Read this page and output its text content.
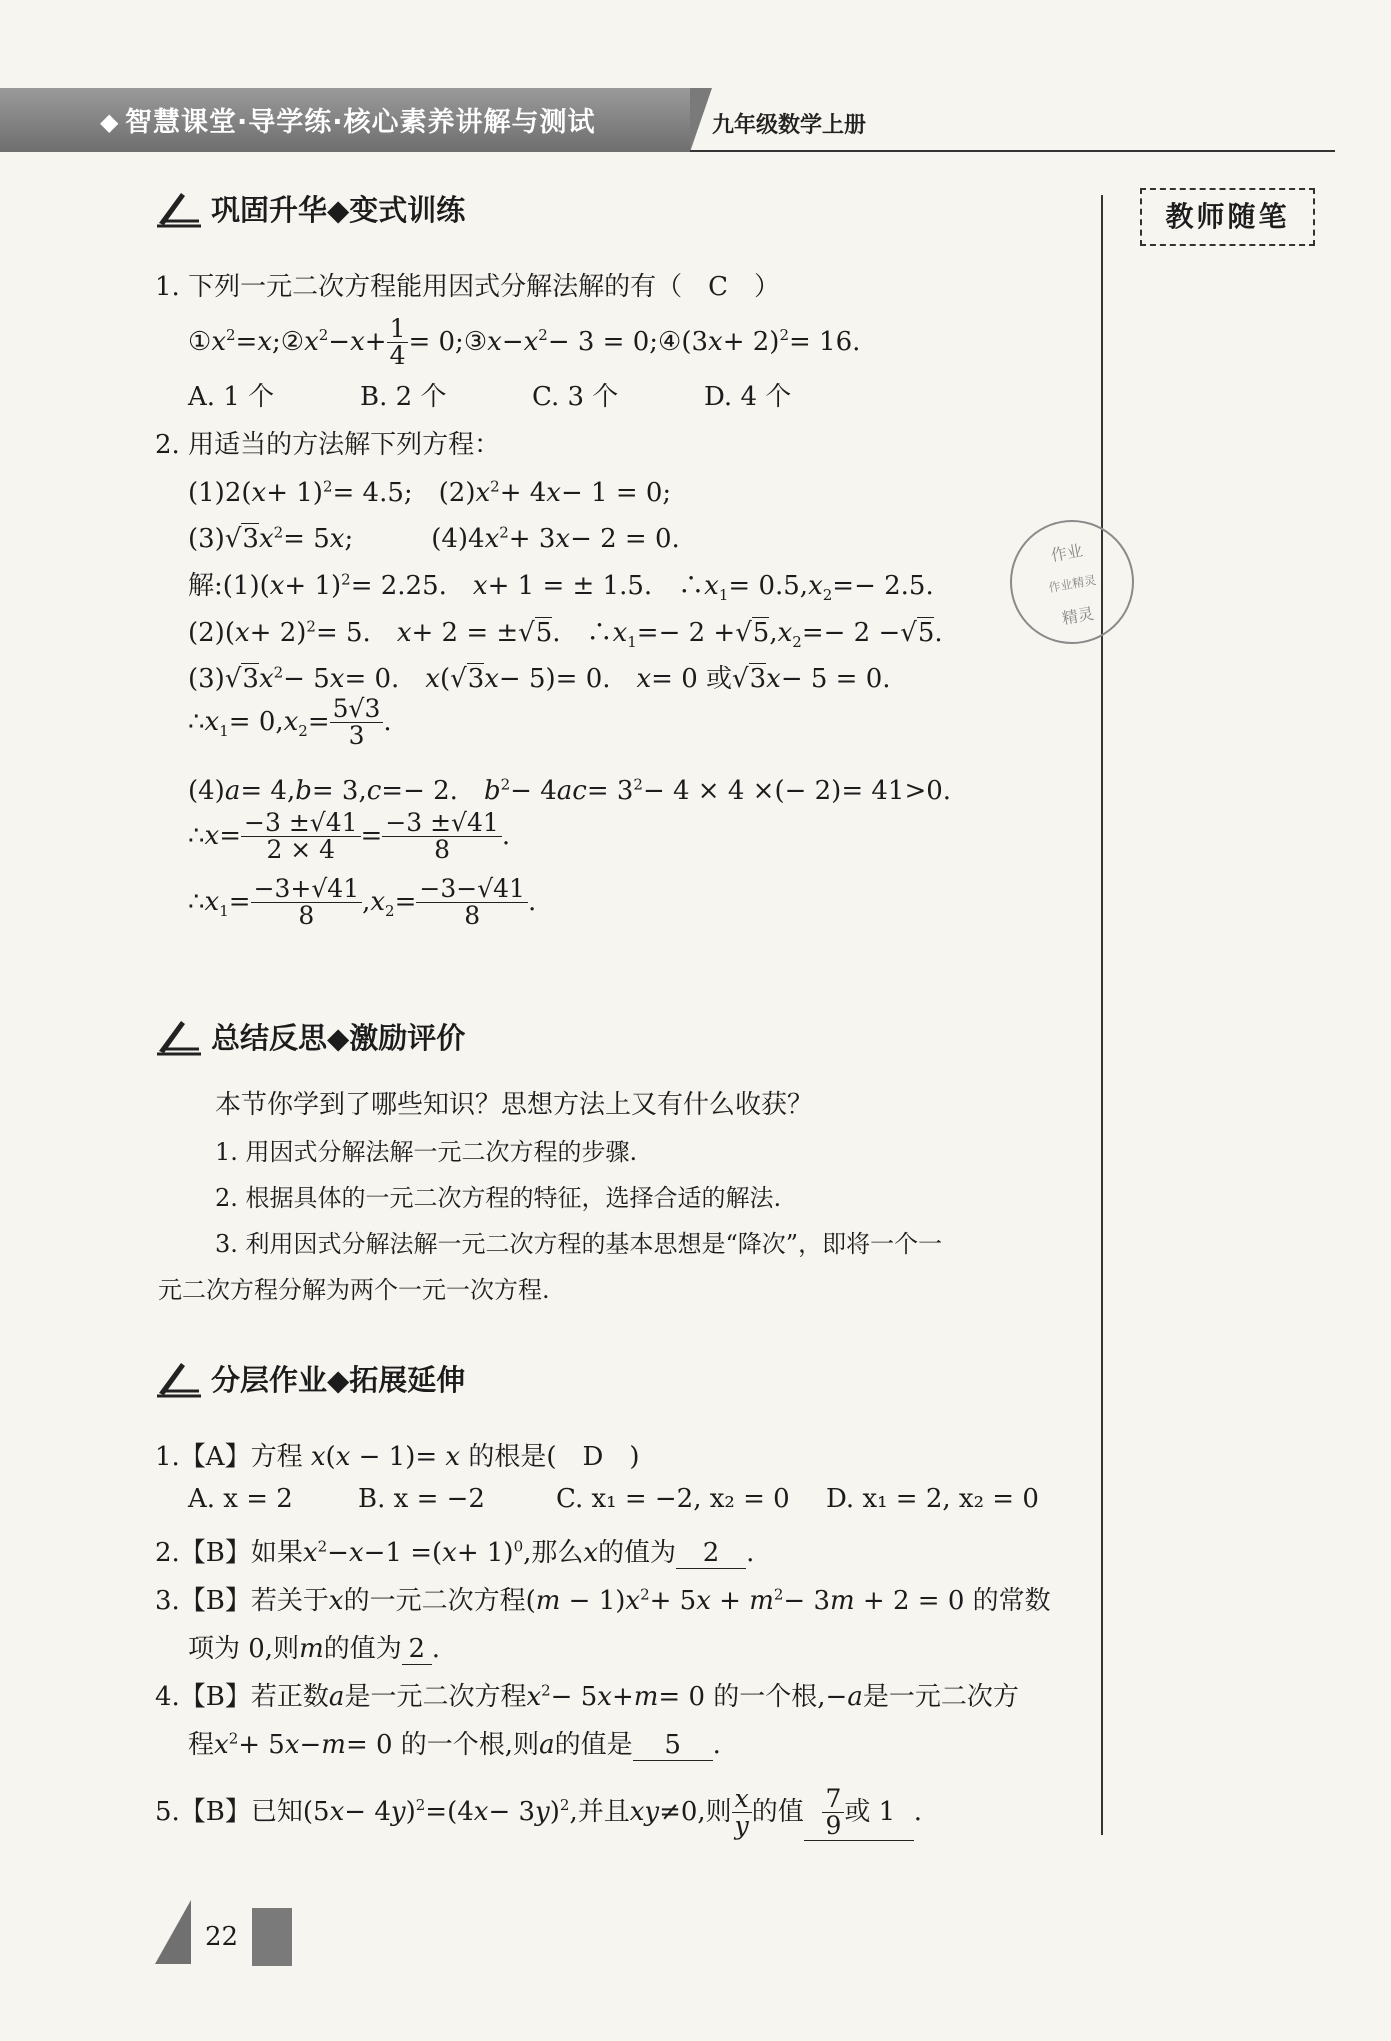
◆ 智慧课堂·导学练·核心素养讲解与测试	九年级数学上册
教师随笔
作业
作业精灵
精灵
巩固升华◆变式训练
1. 下列一元二次方程能用因式分解法解的有（　C　）
$①x^2=x;②x^2-x+ \frac{1}{4}$ = $0;③x-x^2- 3$ = 0;④(3x+ 2)$^2$= 16.
A. 1 个	B. 2 个	C. 3 个	D. 4 个
2. 用适当的方法解下列方程：
$(1)2(x+ 1)^2= 4.5$;　$(2)x^2+ 4x- 1 = 0$;
$(3)√3x^2= 5x$;　　　$(4)4x^2+ 3x- 2 = 0$.
解:(1)(x+ 1)$^2$= 2.25.　x+ 1 = ± 1.5.　$\therefore x_1= 0.5,x_2=- 2.5$.
$(2)(x+ 2)^2= 5$.　x+ 2 = ±√5.　$\therefore x_1=- 2 +√5,x_2=- 2 -√5$.
$(3)√3x^2- 5x= 0$.　x(√3x− 5)= 0.　x= 0 或√3x− 5 = 0.
$\therefore x_1= 0,x_2= \frac{5√3}{3}$ .
(4)a= 4,b= 3,c=− 2.　$b^2- 4ac= 3^2- 4 \times 4$ ×(− 2)= 41>0.
∴x= $\frac{-3 \pm√41}{2 \times 4} = \frac{-3 \pm√41}{8}$ .
$\therefore x_1= \frac{-3+√41}{8} ,x_2= \frac{-3-√41}{8}$ .
总结反思◆激励评价
本节你学到了哪些知识？思想方法上又有什么收获？
1. 用因式分解法解一元二次方程的步骤.
2. 根据具体的一元二次方程的特征，选择合适的解法.
3. 利用因式分解法解一元二次方程的基本思想是“降次”，即将一个一
元二次方程分解为两个一元一次方程.
分层作业◆拓展延伸
1.【A】方程 x(x − 1)= x 的根是(　D　)
A. x = 2	B. x = −2	C. x₁ = −2, x₂ = 0 D. x₁ = 2, x₂ = 0
2.【B】如果$x^2-x-1 =(x+ 1)^0$,那么x的值为 2 .
3.【B】若关于x的一元二次方程$(m - 1)x^2+ 5x + m^2- 3m + 2 = 0$ 的常数
项为 0,则m的值为 2 .
4.【B】若正数a是一元二次方程$x^2- 5x+m= 0$ 的一个根,−a是一元二次方
程$x^2+ 5x-m= 0$ 的一个根,则a的值是 5 .
5.【B】已知$(5x- 4y)^2=(4x- 3y)^2$,并且xy≠0,则 $\frac{x}{y}$ 的值 $\frac{7}{9}$ 或 1 .
22
